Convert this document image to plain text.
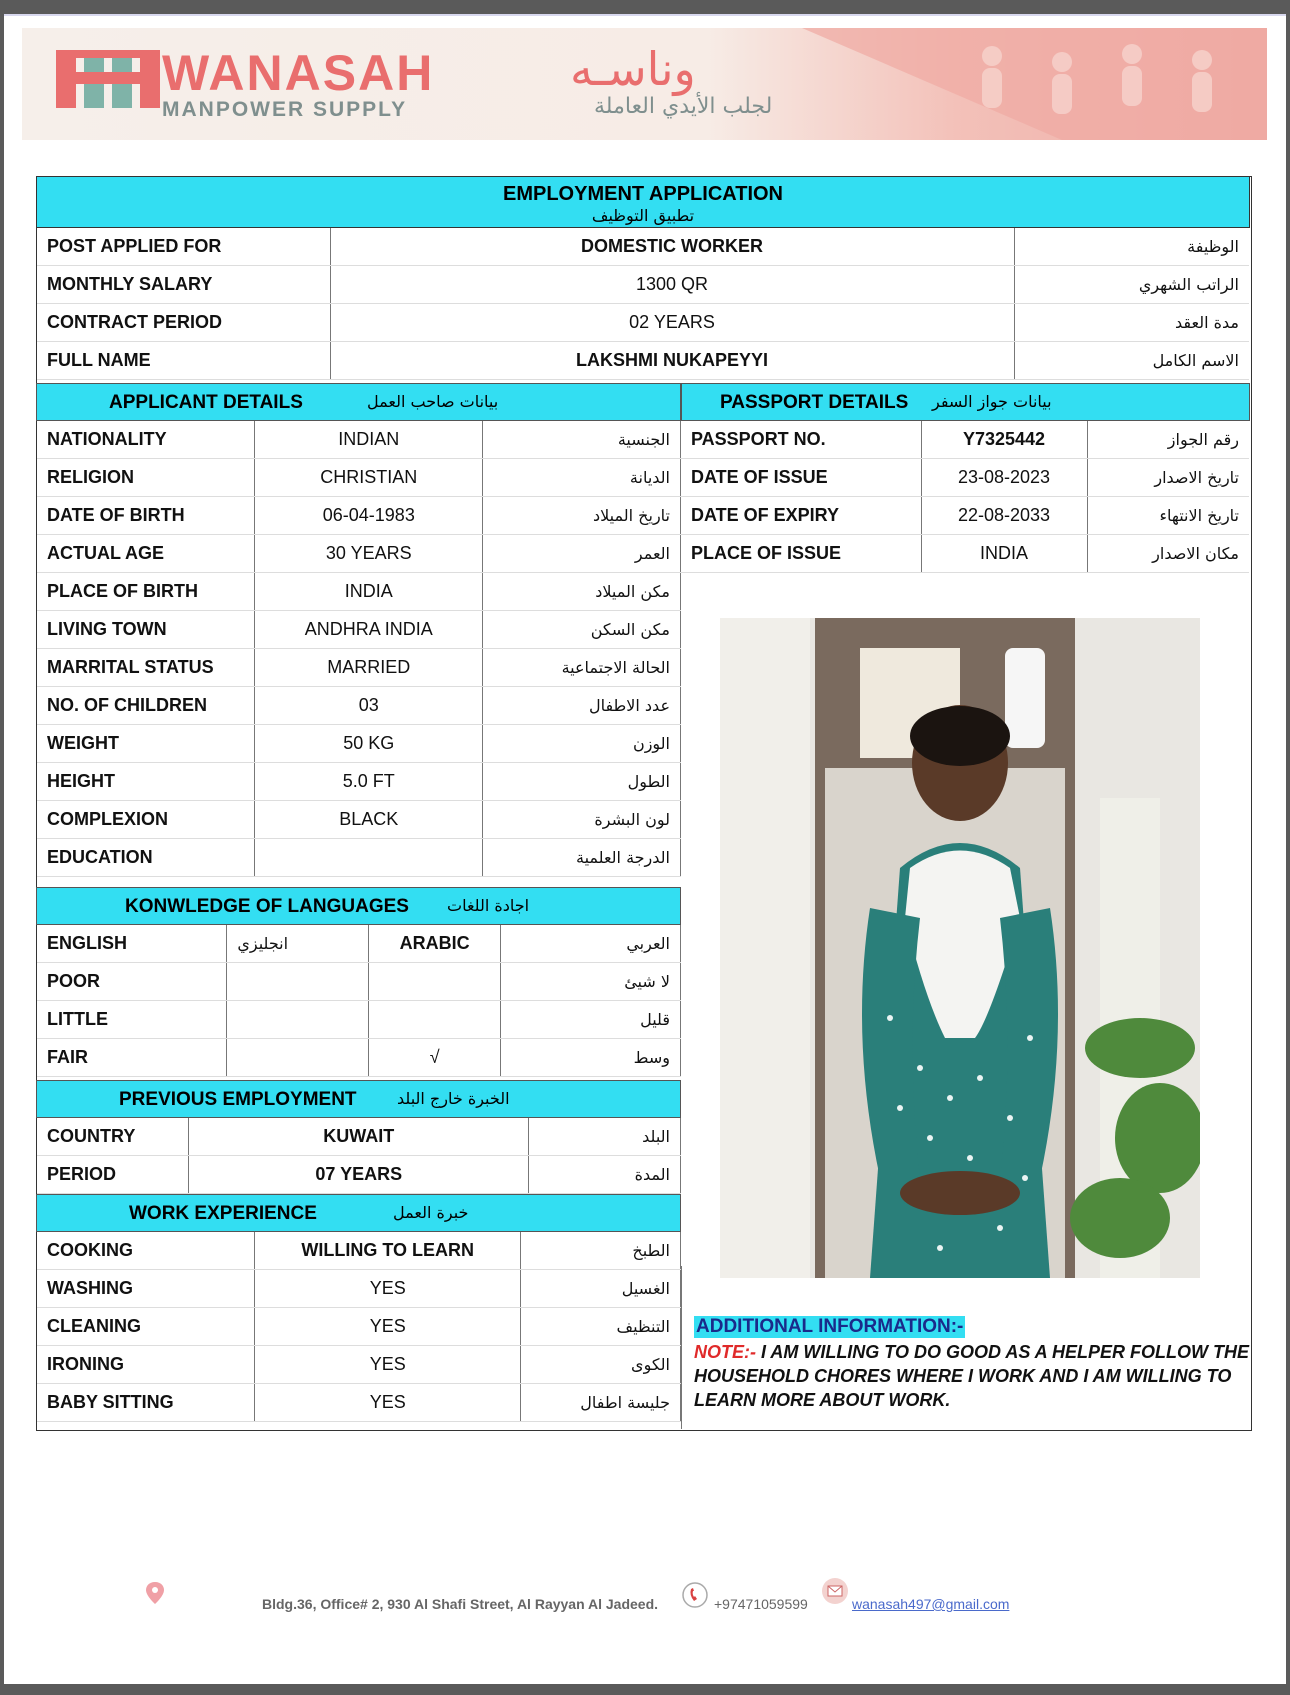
WANASAH	وناسـه
MANPOWER SUPPLY	لجلب الأيدي العاملة
EMPLOYMENT APPLICATION
تطبيق التوظيف
POST APPLIED FOR	DOMESTIC WORKER	الوظيفة
MONTHLY SALARY	1300 QR	الراتب الشهري
CONTRACT PERIOD	02 YEARS	مدة العقد
FULL NAME	LAKSHMI NUKAPEYYI	الاسم الكامل
APPLICANT DETAILS	بيانات صاحب العمل	PASSPORT DETAILS بيانات جواز السفر
NATIONALITY	INDIAN	الجنسية
RELIGION	CHRISTIAN	الديانة
DATE OF BIRTH	06-04-1983	تاريخ الميلاد
ACTUAL AGE	30 YEARS	العمر
PLACE OF BIRTH	INDIA	مكن الميلاد
LIVING TOWN	ANDHRA INDIA	مكن السكن
MARRITAL STATUS	MARRIED	الحالة الاجتماعية
NO. OF CHILDREN	03	عدد الاطفال
WEIGHT	50 KG	الوزن
HEIGHT	5.0 FT	الطول
COMPLEXION	BLACK	لون البشرة
EDUCATION		الدرجة العلمية
PASSPORT NO.	Y7325442	رقم الجواز
DATE OF ISSUE	23-08-2023	تاريخ الاصدار
DATE OF EXPIRY	22-08-2033	تاريخ الانتهاء
PLACE OF ISSUE	INDIA	مكان الاصدار
KONWLEDGE OF LANGUAGES اجادة اللغات
ENGLISH	انجليزي	ARABIC	العربي
POOR			لا شيئ
LITTLE			قليل
FAIR		√	وسط
PREVIOUS EMPLOYMENT	الخبرة خارج البلد
COUNTRY	KUWAIT	البلد
PERIOD	07 YEARS	المدة
WORK EXPERIENCE	خبرة العمل
COOKING	WILLING TO LEARN	الطبخ
WASHING	YES	الغسيل
CLEANING	YES	التنظيف
IRONING	YES	الكوى
BABY SITTING	YES	جليسة اطفال
ADDITIONAL INFORMATION:-
NOTE:- I AM WILLING TO DO GOOD AS A HELPER FOLLOW THE HOUSEHOLD CHORES WHERE I WORK AND I AM WILLING TO LEARN MORE ABOUT WORK.
Bldg.36, Office# 2, 930 Al Shafi Street, Al Rayyan Al Jadeed.	+97471059599	wanasah497@gmail.com
